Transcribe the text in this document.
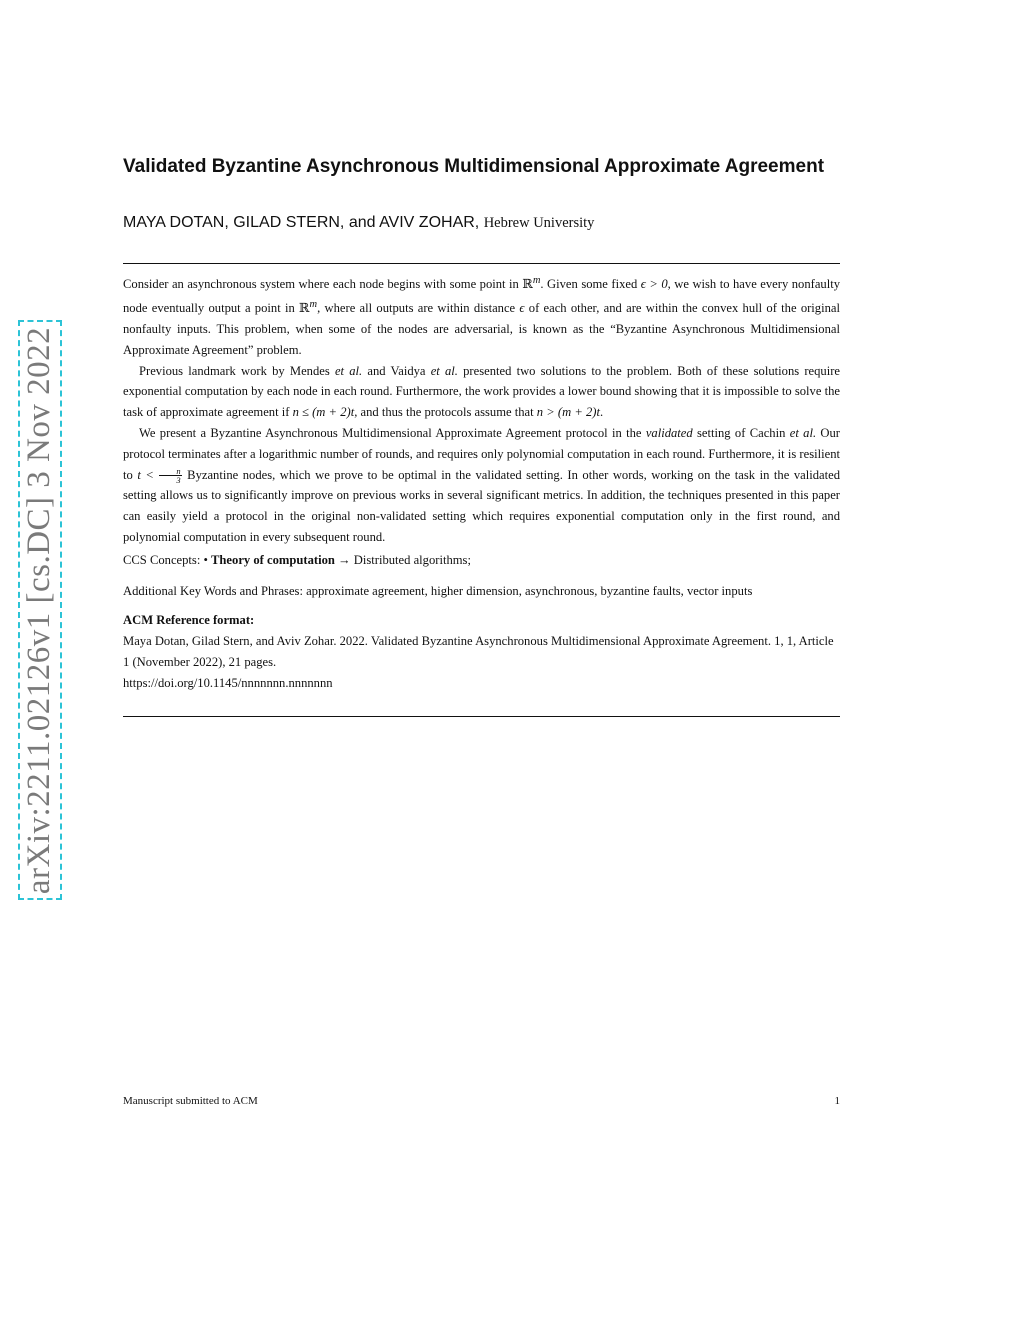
arXiv:2211.02126v1 [cs.DC] 3 Nov 2022
Validated Byzantine Asynchronous Multidimensional Approximate Agreement
MAYA DOTAN, GILAD STERN, and AVIV ZOHAR, Hebrew University

Consider an asynchronous system where each node begins with some point in ℝ$^m$. Given some fixed ϵ > 0, we wish to have every nonfaulty node eventually output a point in ℝ$^m$, where all outputs are within distance ϵ of each other, and are within the convex hull of the original nonfaulty inputs. This problem, when some of the nodes are adversarial, is known as the “Byzantine Asynchronous Multidimensional Approximate Agreement” problem.

Previous landmark work by Mendes et al. and Vaidya et al. presented two solutions to the problem. Both of these solutions require exponential computation by each node in each round. Furthermore, the work provides a lower bound showing that it is impossible to solve the task of approximate agreement if n ≤ (m + 2)t, and thus the protocols assume that n > (m + 2)t.

We present a Byzantine Asynchronous Multidimensional Approximate Agreement protocol in the validated setting of Cachin et al. Our protocol terminates after a logarithmic number of rounds, and requires only polynomial computation in each round. Furthermore, it is resilient to $t < \frac{n}{3}$ Byzantine nodes, which we prove to be optimal in the validated setting. In other words, working on the task in the validated setting allows us to significantly improve on previous works in several significant metrics. In addition, the techniques presented in this paper can easily yield a protocol in the original non-validated setting which requires exponential computation only in the first round, and polynomial computation in every subsequent round.

CCS Concepts: • Theory of computation → Distributed algorithms;
Additional Key Words and Phrases: approximate agreement, higher dimension, asynchronous, byzantine faults, vector inputs
ACM Reference format:
Maya Dotan, Gilad Stern, and Aviv Zohar. 2022. Validated Byzantine Asynchronous Multidimensional Approximate Agreement. 1, 1, Article 1 (November 2022), 21 pages.
https://doi.org/10.1145/nnnnnnn.nnnnnnn
Manuscript submitted to ACM	1
